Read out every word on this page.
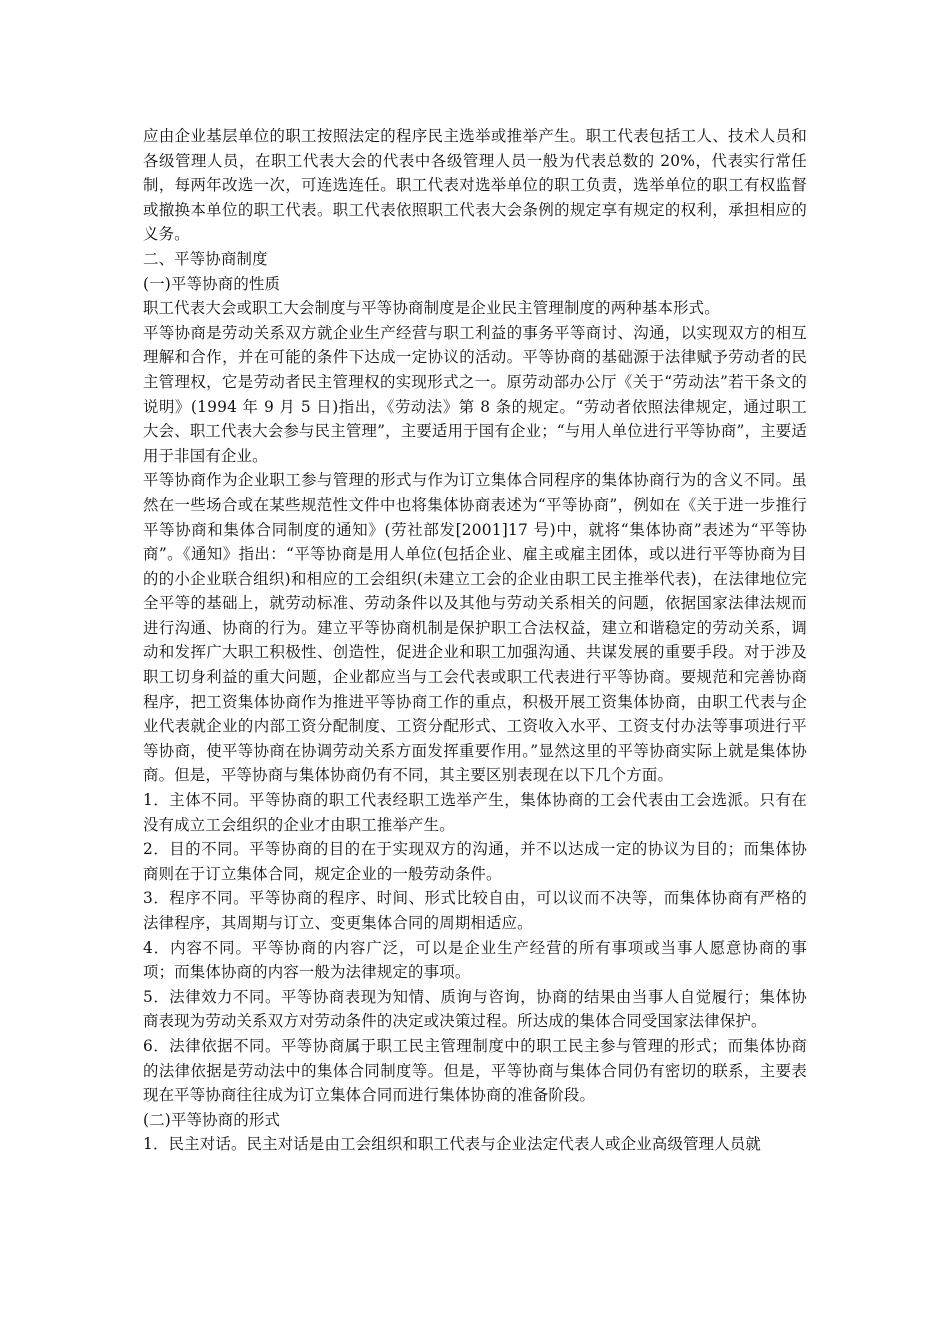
应由企业基层单位的职工按照法定的程序民主选举或推举产生。职工代表包括工人、技术人员和各级管理人员，在职工代表大会的代表中各级管理人员一般为代表总数的 20%，代表实行常任制，每两年改选一次，可连选连任。职工代表对选举单位的职工负责，选举单位的职工有权监督或撤换本单位的职工代表。职工代表依照职工代表大会条例的规定享有规定的权利，承担相应的义务。

二、平等协商制度

(一)平等协商的性质

职工代表大会或职工大会制度与平等协商制度是企业民主管理制度的两种基本形式。

平等协商是劳动关系双方就企业生产经营与职工利益的事务平等商讨、沟通，以实现双方的相互理解和合作，并在可能的条件下达成一定协议的活动。平等协商的基础源于法律赋予劳动者的民主管理权，它是劳动者民主管理权的实现形式之一。原劳动部办公厅《关于“劳动法”若干条文的说明》(1994 年 9 月 5 日)指出，《劳动法》第 8 条的规定。“劳动者依照法律规定，通过职工大会、职工代表大会参与民主管理”，主要适用于国有企业；“与用人单位进行平等协商”，主要适用于非国有企业。

平等协商作为企业职工参与管理的形式与作为订立集体合同程序的集体协商行为的含义不同。虽然在一些场合或在某些规范性文件中也将集体协商表述为“平等协商”，例如在《关于进一步推行平等协商和集体合同制度的通知》(劳社部发[2001]17 号)中，就将“集体协商”表述为“平等协商”。《通知》指出：“平等协商是用人单位(包括企业、雇主或雇主团体，或以进行平等协商为目的的小企业联合组织)和相应的工会组织(未建立工会的企业由职工民主推举代表)，在法律地位完全平等的基础上，就劳动标准、劳动条件以及其他与劳动关系相关的问题，依据国家法律法规而进行沟通、协商的行为。建立平等协商机制是保护职工合法权益，建立和谐稳定的劳动关系，调动和发挥广大职工积极性、创造性，促进企业和职工加强沟通、共谋发展的重要手段。对于涉及职工切身利益的重大问题，企业都应当与工会代表或职工代表进行平等协商。要规范和完善协商程序，把工资集体协商作为推进平等协商工作的重点，积极开展工资集体协商，由职工代表与企业代表就企业的内部工资分配制度、工资分配形式、工资收入水平、工资支付办法等事项进行平等协商，使平等协商在协调劳动关系方面发挥重要作用。”显然这里的平等协商实际上就是集体协商。但是，平等协商与集体协商仍有不同，其主要区别表现在以下几个方面。

1．主体不同。平等协商的职工代表经职工选举产生，集体协商的工会代表由工会选派。只有在没有成立工会组织的企业才由职工推举产生。

2．目的不同。平等协商的目的在于实现双方的沟通，并不以达成一定的协议为目的；而集体协商则在于订立集体合同，规定企业的一般劳动条件。

3．程序不同。平等协商的程序、时间、形式比较自由，可以议而不决等，而集体协商有严格的法律程序，其周期与订立、变更集体合同的周期相适应。

4．内容不同。平等协商的内容广泛，可以是企业生产经营的所有事项或当事人愿意协商的事项；而集体协商的内容一般为法律规定的事项。

5．法律效力不同。平等协商表现为知情、质询与咨询，协商的结果由当事人自觉履行；集体协商表现为劳动关系双方对劳动条件的决定或决策过程。所达成的集体合同受国家法律保护。

6．法律依据不同。平等协商属于职工民主管理制度中的职工民主参与管理的形式；而集体协商的法律依据是劳动法中的集体合同制度等。但是，平等协商与集体合同仍有密切的联系，主要表现在平等协商往往成为订立集体合同而进行集体协商的准备阶段。

(二)平等协商的形式

1．民主对话。民主对话是由工会组织和职工代表与企业法定代表人或企业高级管理人员就
